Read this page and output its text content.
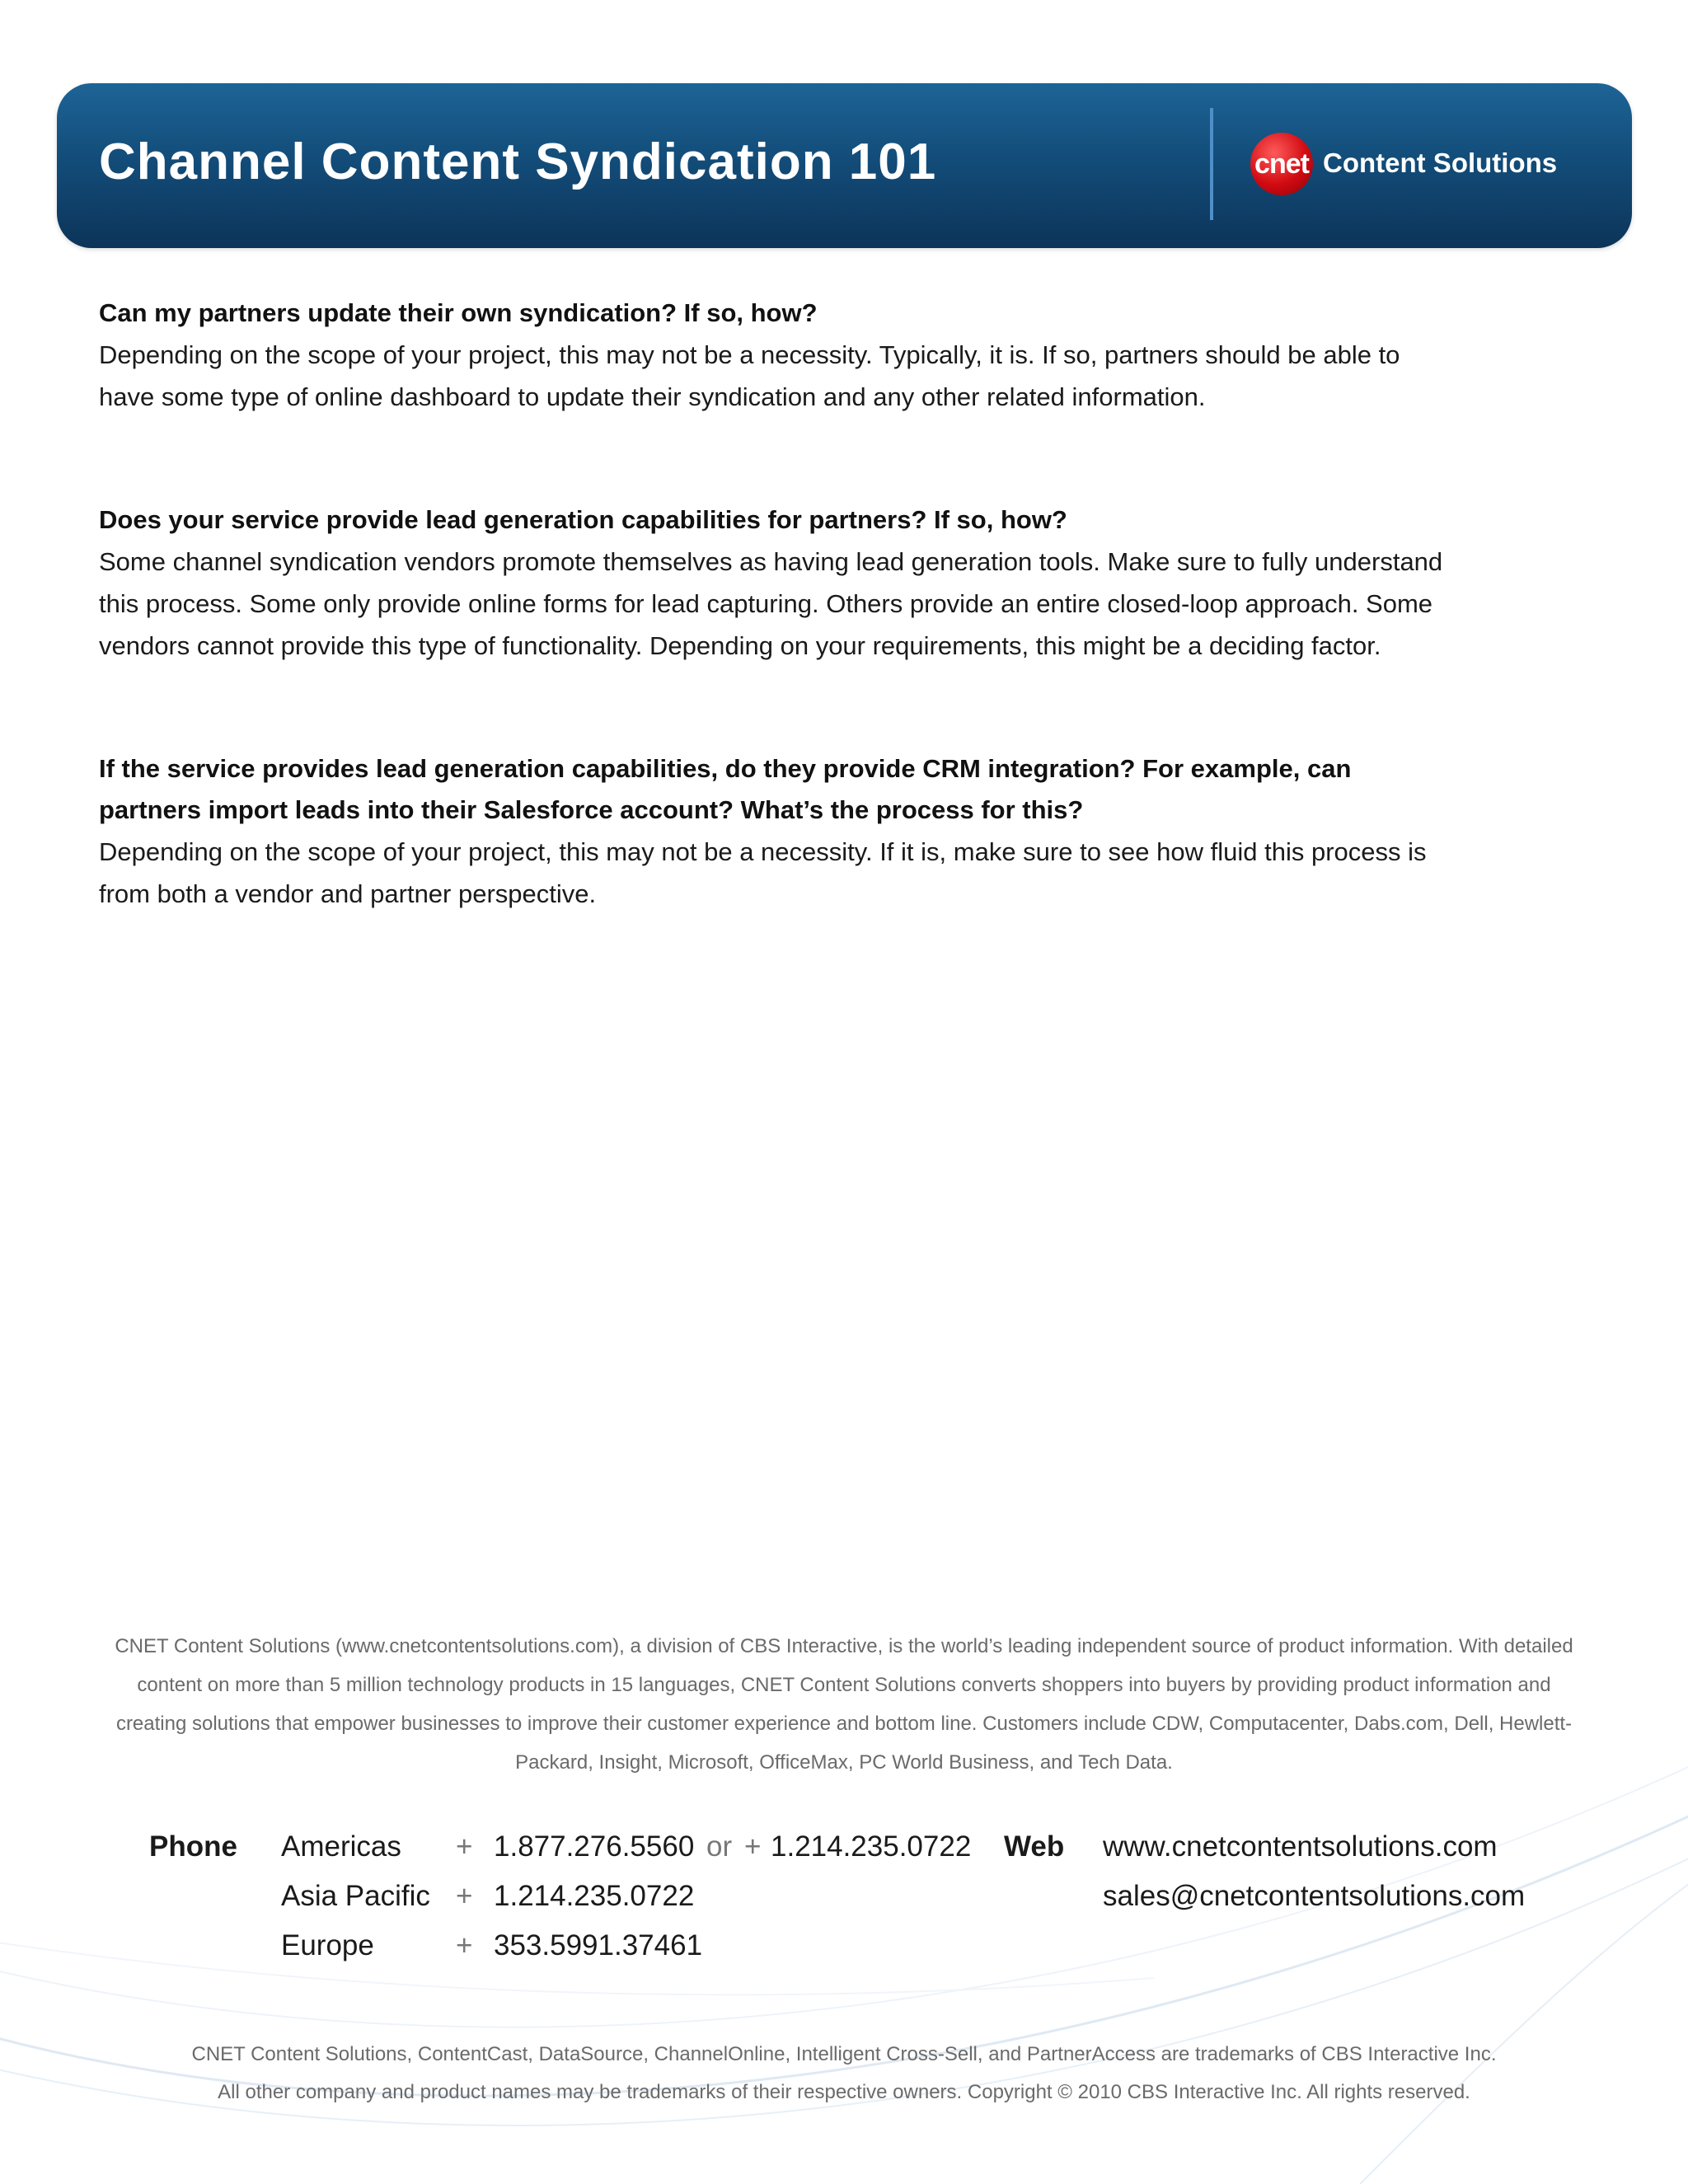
Channel Content Syndication 101	cnet Content Solutions
Can my partners update their own syndication? If so, how?
Depending on the scope of your project, this may not be a necessity. Typically, it is. If so, partners should be able to have some type of online dashboard to update their syndication and any other related information.
Does your service provide lead generation capabilities for partners? If so, how?
Some channel syndication vendors promote themselves as having lead generation tools. Make sure to fully understand this process. Some only provide online forms for lead capturing. Others provide an entire closed-loop approach. Some vendors cannot provide this type of functionality. Depending on your requirements, this might be a deciding factor.
If the service provides lead generation capabilities, do they provide CRM integration? For example, can partners import leads into their Salesforce account? What’s the process for this?
Depending on the scope of your project, this may not be a necessity. If it is, make sure to see how fluid this process is from both a vendor and partner perspective.
CNET Content Solutions (www.cnetcontentsolutions.com), a division of CBS Interactive, is the world’s leading independent source of product information. With detailed content on more than 5 million technology products in 15 languages, CNET Content Solutions converts shoppers into buyers by providing product information and creating solutions that empower businesses to improve their customer experience and bottom line. Customers include CDW, Computacenter, Dabs.com, Dell, Hewlett-Packard, Insight, Microsoft, OfficeMax, PC World Business, and Tech Data.
Phone Americas + 1.877.276.5560 or + 1.214.235.0722
Asia Pacific + 1.214.235.0722
Europe	+ 353.5991.37461
Web www.cnetcontentsolutions.com
sales@cnetcontentsolutions.com
CNET Content Solutions, ContentCast, DataSource, ChannelOnline, Intelligent Cross-Sell, and PartnerAccess are trademarks of CBS Interactive Inc.
All other company and product names may be trademarks of their respective owners. Copyright © 2010 CBS Interactive Inc. All rights reserved.
